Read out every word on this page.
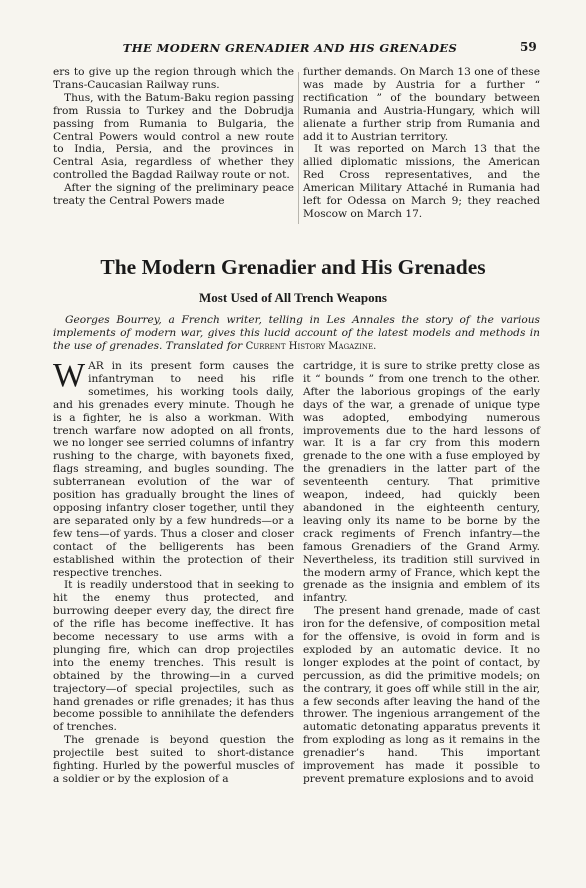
THE MODERN GRENADIER AND HIS GRENADES	59

ers to give up the region through which the Trans-Caucasian Railway runs.

Thus, with the Batum-Baku region passing from Russia to Turkey and the Dobrudja passing from Rumania to Bulgaria, the Central Powers would control a new route to India, Persia, and the provinces in Central Asia, regardless of whether they controlled the Bagdad Railway route or not.

After the signing of the preliminary peace treaty the Central Powers made

further demands. On March 13 one of these was made by Austria for a further “ rectification ” of the boundary between Rumania and Austria-Hungary, which will alienate a further strip from Rumania and add it to Austrian territory.

It was reported on March 13 that the allied diplomatic missions, the American Red Cross representatives, and the American Military Attaché in Rumania had left for Odessa on March 9; they reached Moscow on March 17.

The Modern Grenadier and His Grenades
Most Used of All Trench Weapons
Georges Bourrey, a French writer, telling in Les Annales the story of the various implements of modern war, gives this lucid account of the latest models and methods in the use of grenades. Translated for Current History Magazine.

WAR in its present form causes the infantryman to need his rifle sometimes, his working tools daily, and his grenades every minute. Though he is a fighter, he is also a workman. With trench warfare now adopted on all fronts, we no longer see serried columns of infantry rushing to the charge, with bayonets fixed, flags streaming, and bugles sounding. The subterranean evolution of the war of position has gradually brought the lines of opposing infantry closer together, until they are separated only by a few hundreds—or a few tens—of yards. Thus a closer and closer contact of the belligerents has been established within the protection of their respective trenches.

It is readily understood that in seeking to hit the enemy thus protected, and burrowing deeper every day, the direct fire of the rifle has become ineffective. It has become necessary to use arms with a plunging fire, which can drop projectiles into the enemy trenches. This result is obtained by the throwing—in a curved trajectory—of special projectiles, such as hand grenades or rifle grenades; it has thus become possible to annihilate the defenders of trenches.

The grenade is beyond question the projectile best suited to short-distance fighting. Hurled by the powerful muscles of a soldier or by the explosion of a

cartridge, it is sure to strike pretty close as it “ bounds ” from one trench to the other. After the laborious gropings of the early days of the war, a grenade of unique type was adopted, embodying numerous improvements due to the hard lessons of war. It is a far cry from this modern grenade to the one with a fuse employed by the grenadiers in the latter part of the seventeenth century. That primitive weapon, indeed, had quickly been abandoned in the eighteenth century, leaving only its name to be borne by the crack regiments of French infantry—the famous Grenadiers of the Grand Army. Nevertheless, its tradition still survived in the modern army of France, which kept the grenade as the insignia and emblem of its infantry.

The present hand grenade, made of cast iron for the defensive, of composition metal for the offensive, is ovoid in form and is exploded by an automatic device. It no longer explodes at the point of contact, by percussion, as did the primitive models; on the contrary, it goes off while still in the air, a few seconds after leaving the hand of the thrower. The ingenious arrangement of the automatic detonating apparatus prevents it from exploding as long as it remains in the grenadier’s hand. This important improvement has made it possible to prevent premature explosions and to avoid
